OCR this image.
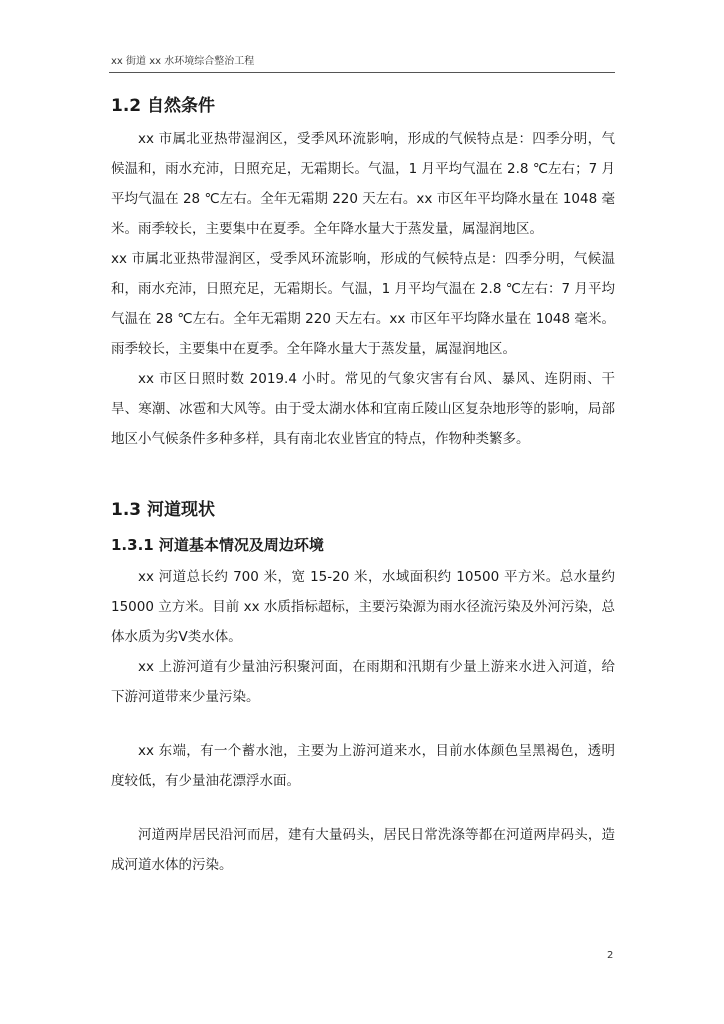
xx 街道 xx 水环境综合整治工程
1.2 自然条件

xx 市属北亚热带湿润区，受季风环流影响，形成的气候特点是：四季分明，气候温和，雨水充沛，日照充足，无霜期长。气温，1 月平均气温在 2.8 ℃左右；7 月平均气温在 28 ℃左右。全年无霜期 220 天左右。xx 市区年平均降水量在 1048 毫米。雨季较长，主要集中在夏季。全年降水量大于蒸发量，属湿润地区。

xx 市属北亚热带湿润区，受季风环流影响，形成的气候特点是：四季分明，气候温和，雨水充沛，日照充足，无霜期长。气温，1 月平均气温在 2.8 ℃左右：7 月平均气温在 28 ℃左右。全年无霜期 220 天左右。xx 市区年平均降水量在 1048 毫米。雨季较长，主要集中在夏季。全年降水量大于蒸发量，属湿润地区。

xx 市区日照时数 2019.4 小时。常见的气象灾害有台风、暴风、连阴雨、干旱、寒潮、冰雹和大风等。由于受太湖水体和宜南丘陵山区复杂地形等的影响，局部地区小气候条件多种多样，具有南北农业皆宜的特点，作物种类繁多。

1.3 河道现状
1.3.1 河道基本情况及周边环境

xx 河道总长约 700 米，宽 15-20 米，水域面积约 10500 平方米。总水量约 15000 立方米。目前 xx 水质指标超标，主要污染源为雨水径流污染及外河污染，总体水质为劣Ⅴ类水体。

xx 上游河道有少量油污积聚河面，在雨期和汛期有少量上游来水进入河道，给下游河道带来少量污染。

xx 东端，有一个蓄水池，主要为上游河道来水，目前水体颜色呈黑褐色，透明度较低，有少量油花漂浮水面。

河道两岸居民沿河而居，建有大量码头，居民日常洗涤等都在河道两岸码头，造成河道水体的污染。

2
